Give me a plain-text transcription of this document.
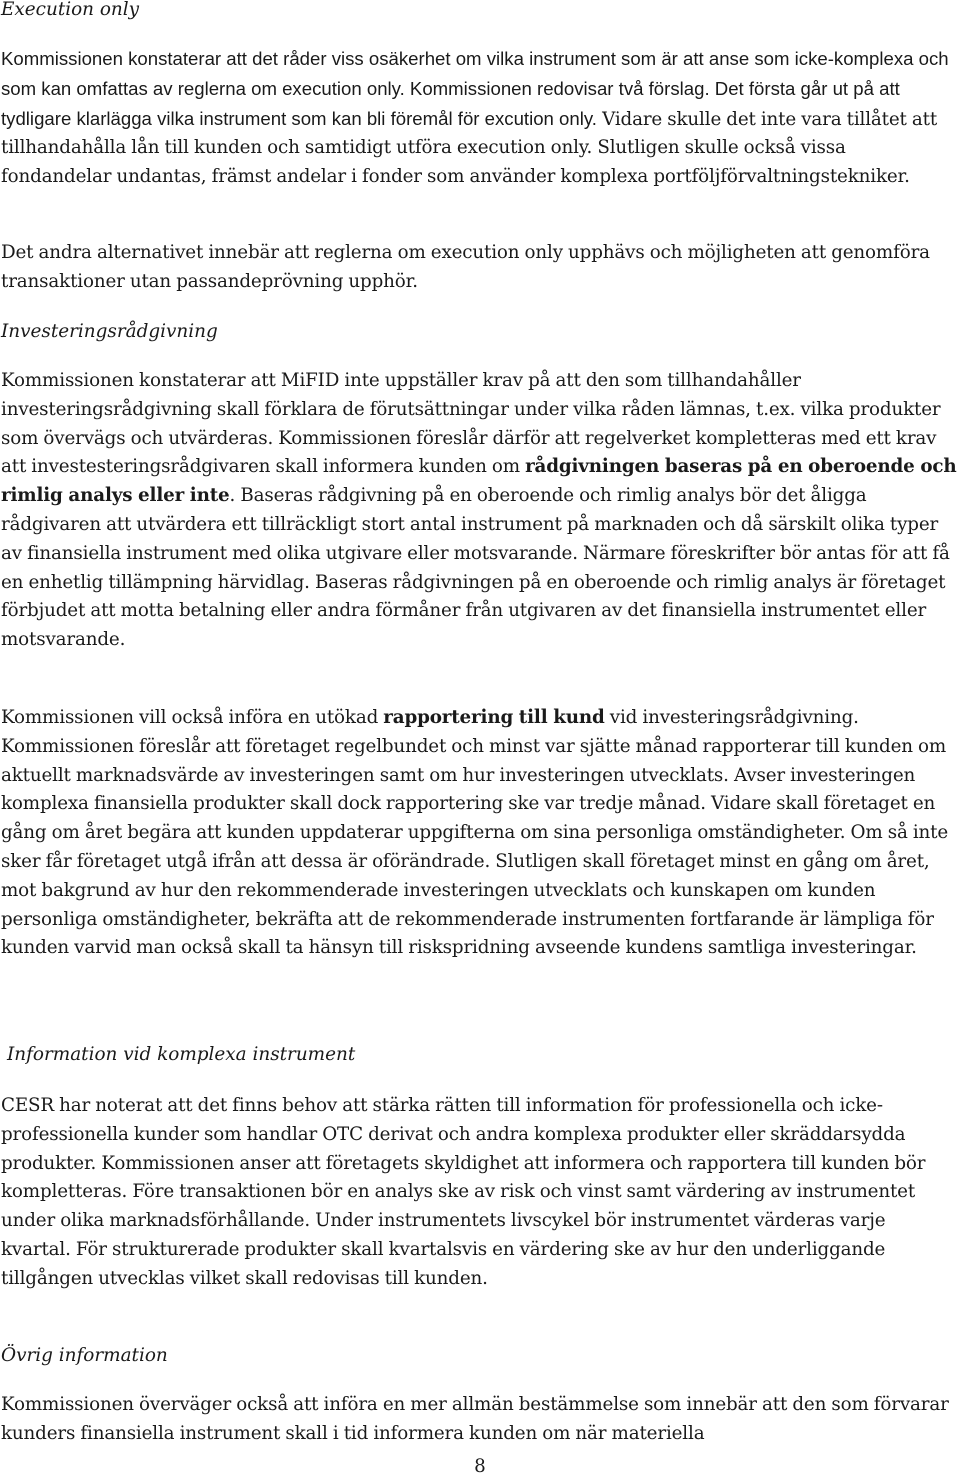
Execution only

Kommissionen konstaterar att det råder viss osäkerhet om vilka instrument som är att anse som icke-komplexa och som kan omfattas av reglerna om execution only. Kommissionen redovisar två förslag. Det första går ut på att tydligare klarlägga vilka instrument som kan bli föremål för excution only. Vidare skulle det inte vara tillåtet att tillhandahålla lån till kunden och samtidigt utföra execution only. Slutligen skulle också vissa fondandelar undantas, främst andelar i fonder som använder komplexa portföljförvaltningstekniker.

Det andra alternativet innebär att reglerna om execution only upphävs och möjligheten att genomföra transaktioner utan passandeprövning upphör.

Investeringsrådgivning

Kommissionen konstaterar att MiFID inte uppställer krav på att den som tillhandahåller investeringsrådgivning skall förklara de förutsättningar under vilka råden lämnas, t.ex. vilka produkter som övervägs och utvärderas. Kommissionen föreslår därför att regelverket kompletteras med ett krav att investesteringsrådgivaren skall informera kunden om rådgivningen baseras på en oberoende och rimlig analys eller inte. Baseras rådgivning på en oberoende och rimlig analys bör det åligga rådgivaren att utvärdera ett tillräckligt stort antal instrument på marknaden och då särskilt olika typer av finansiella instrument med olika utgivare eller motsvarande. Närmare föreskrifter bör antas för att få en enhetlig tillämpning härvidlag. Baseras rådgivningen på en oberoende och rimlig analys är företaget förbjudet att motta betalning eller andra förmåner från utgivaren av det finansiella instrumentet eller motsvarande.

Kommissionen vill också införa en utökad rapportering till kund vid investeringsrådgivning. Kommissionen föreslår att företaget regelbundet och minst var sjätte månad rapporterar till kunden om aktuellt marknadsvärde av investeringen samt om hur investeringen utvecklats. Avser investeringen komplexa finansiella produkter skall dock rapportering ske var tredje månad. Vidare skall företaget en gång om året begära att kunden uppdaterar uppgifterna om sina personliga omständigheter. Om så inte sker får företaget utgå ifrån att dessa är oförändrade. Slutligen skall företaget minst en gång om året, mot bakgrund av hur den rekommenderade investeringen utvecklats och kunskapen om kunden personliga omständigheter, bekräfta att de rekommenderade instrumenten fortfarande är lämpliga för kunden varvid man också skall ta hänsyn till riskspridning avseende kundens samtliga investeringar.

Information vid komplexa instrument

CESR har noterat att det finns behov att stärka rätten till information för professionella och icke-professionella kunder som handlar OTC derivat och andra komplexa produkter eller skräddarsydda produkter. Kommissionen anser att företagets skyldighet att informera och rapportera till kunden bör kompletteras. Före transaktionen bör en analys ske av risk och vinst samt värdering av instrumentet under olika marknadsförhållande. Under instrumentets livscykel bör instrumentet värderas varje kvartal. För strukturerade produkter skall kvartalsvis en värdering ske av hur den underliggande tillgången utvecklas vilket skall redovisas till kunden.

Övrig information

Kommissionen överväger också att införa en mer allmän bestämmelse som innebär att den som förvarar kunders finansiella instrument skall i tid informera kunden om när materiella

8
